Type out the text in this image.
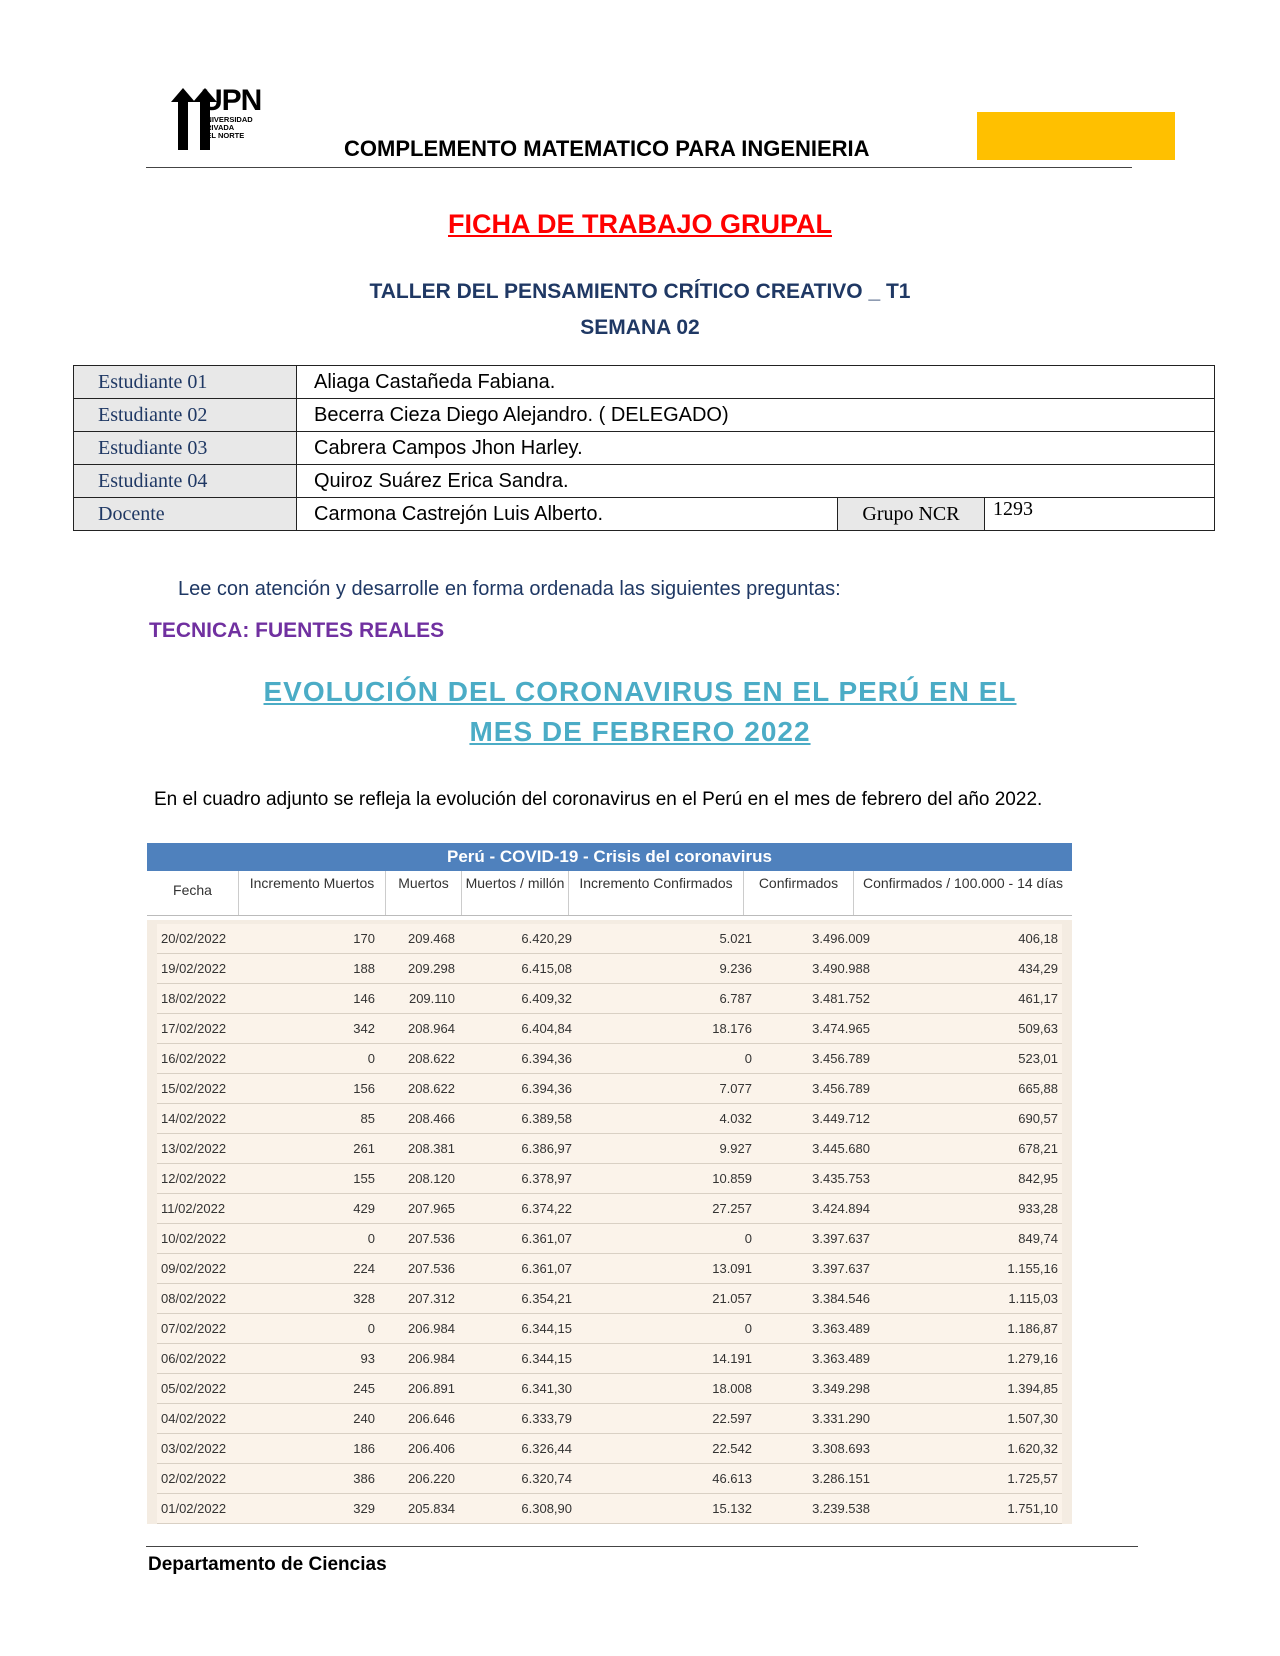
UPN
UNIVERSIDAD
PRIVADA
DEL NORTE
COMPLEMENTO MATEMATICO PARA INGENIERIA
FICHA DE TRABAJO GRUPAL
TALLER DEL PENSAMIENTO CRÍTICO CREATIVO _ T1
SEMANA 02
Estudiante 01	Aliaga Castañeda Fabiana.		
Estudiante 02	Becerra Cieza Diego Alejandro. ( DELEGADO)		
Estudiante 03	Cabrera Campos Jhon Harley.		
Estudiante 04	Quiroz Suárez Erica Sandra.		
Docente	Carmona Castrejón Luis Alberto.	Grupo NCR	1293
Lee con atención y desarrolle en forma ordenada las siguientes preguntas:
TECNICA: FUENTES REALES
EVOLUCIÓN DEL CORONAVIRUS EN EL PERÚ EN EL
MES DE FEBRERO 2022
En el cuadro adjunto se refleja la evolución del coronavirus en el Perú en el mes de febrero del año 2022.
Perú - COVID-19 - Crisis del coronavirus
Fecha	Incremento Muertos	Muertos	Muertos / millón	Incremento Confirmados	Confirmados	Confirmados / 100.000 - 14 días
20/02/2022	170	209.468	6.420,29	5.021	3.496.009	406,18
19/02/2022	188	209.298	6.415,08	9.236	3.490.988	434,29
18/02/2022	146	209.110	6.409,32	6.787	3.481.752	461,17
17/02/2022	342	208.964	6.404,84	18.176	3.474.965	509,63
16/02/2022	0	208.622	6.394,36	0	3.456.789	523,01
15/02/2022	156	208.622	6.394,36	7.077	3.456.789	665,88
14/02/2022	85	208.466	6.389,58	4.032	3.449.712	690,57
13/02/2022	261	208.381	6.386,97	9.927	3.445.680	678,21
12/02/2022	155	208.120	6.378,97	10.859	3.435.753	842,95
11/02/2022	429	207.965	6.374,22	27.257	3.424.894	933,28
10/02/2022	0	207.536	6.361,07	0	3.397.637	849,74
09/02/2022	224	207.536	6.361,07	13.091	3.397.637	1.155,16
08/02/2022	328	207.312	6.354,21	21.057	3.384.546	1.115,03
07/02/2022	0	206.984	6.344,15	0	3.363.489	1.186,87
06/02/2022	93	206.984	6.344,15	14.191	3.363.489	1.279,16
05/02/2022	245	206.891	6.341,30	18.008	3.349.298	1.394,85
04/02/2022	240	206.646	6.333,79	22.597	3.331.290	1.507,30
03/02/2022	186	206.406	6.326,44	22.542	3.308.693	1.620,32
02/02/2022	386	206.220	6.320,74	46.613	3.286.151	1.725,57
01/02/2022	329	205.834	6.308,90	15.132	3.239.538	1.751,10
Departamento de Ciencias
